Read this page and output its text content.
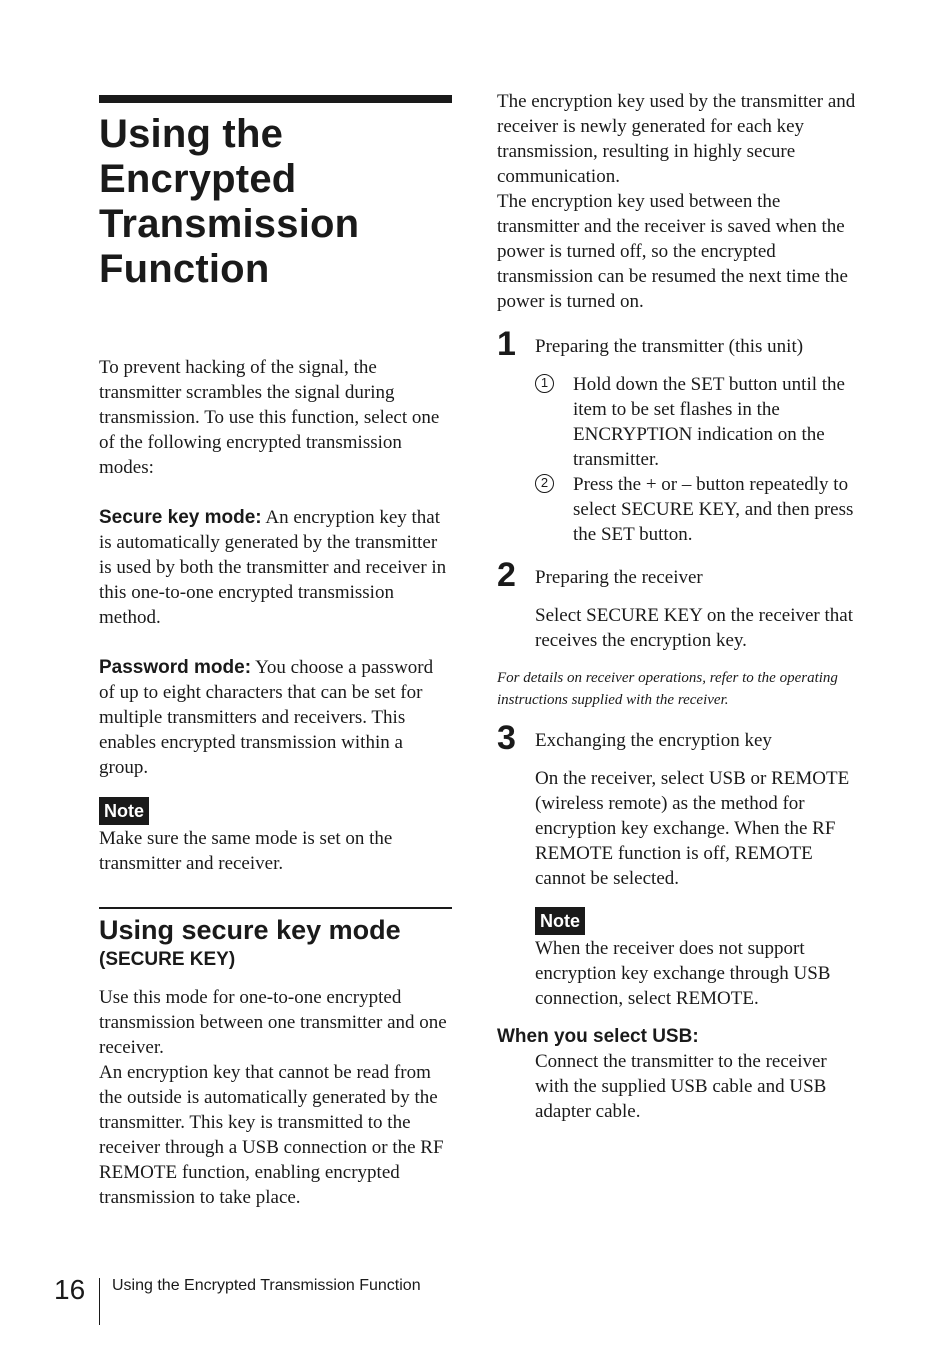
Using the
Encrypted
Transmission
Function

To prevent hacking of the signal, the transmitter scrambles the signal during transmission. To use this function, select one of the following encrypted transmission modes:

Secure key mode: An encryption key that is automatically generated by the transmitter is used by both the transmitter and receiver in this one-to-one encrypted transmission method.

Password mode: You choose a password of up to eight characters that can be set for multiple transmitters and receivers. This enables encrypted transmission within a group.

Note

Make sure the same mode is set on the transmitter and receiver.

Using secure key mode
(SECURE KEY)

Use this mode for one-to-one encrypted transmission between one transmitter and one receiver.

An encryption key that cannot be read from the outside is automatically generated by the transmitter. This key is transmitted to the receiver through a USB connection or the RF REMOTE function, enabling encrypted transmission to take place.

The encryption key used by the transmitter and receiver is newly generated for each key transmission, resulting in highly secure communication.

The encryption key used between the transmitter and the receiver is saved when the power is turned off, so the encrypted transmission can be resumed the next time the power is turned on.

1 Preparing the transmitter (this unit)

1	Hold down the SET button until the item to be set flashes in the ENCRYPTION indication on the transmitter.

2	Press the + or – button repeatedly to select SECURE KEY, and then press the SET button.

2 Preparing the receiver

Select SECURE KEY on the receiver that receives the encryption key.

For details on receiver operations, refer to the operating instructions supplied with the receiver.

3 Exchanging the encryption key

On the receiver, select USB or REMOTE (wireless remote) as the method for encryption key exchange. When the RF REMOTE function is off, REMOTE cannot be selected.

Note

When the receiver does not support encryption key exchange through USB connection, select REMOTE.

When you select USB:

Connect the transmitter to the receiver with the supplied USB cable and USB adapter cable.

16 Using the Encrypted Transmission Function
